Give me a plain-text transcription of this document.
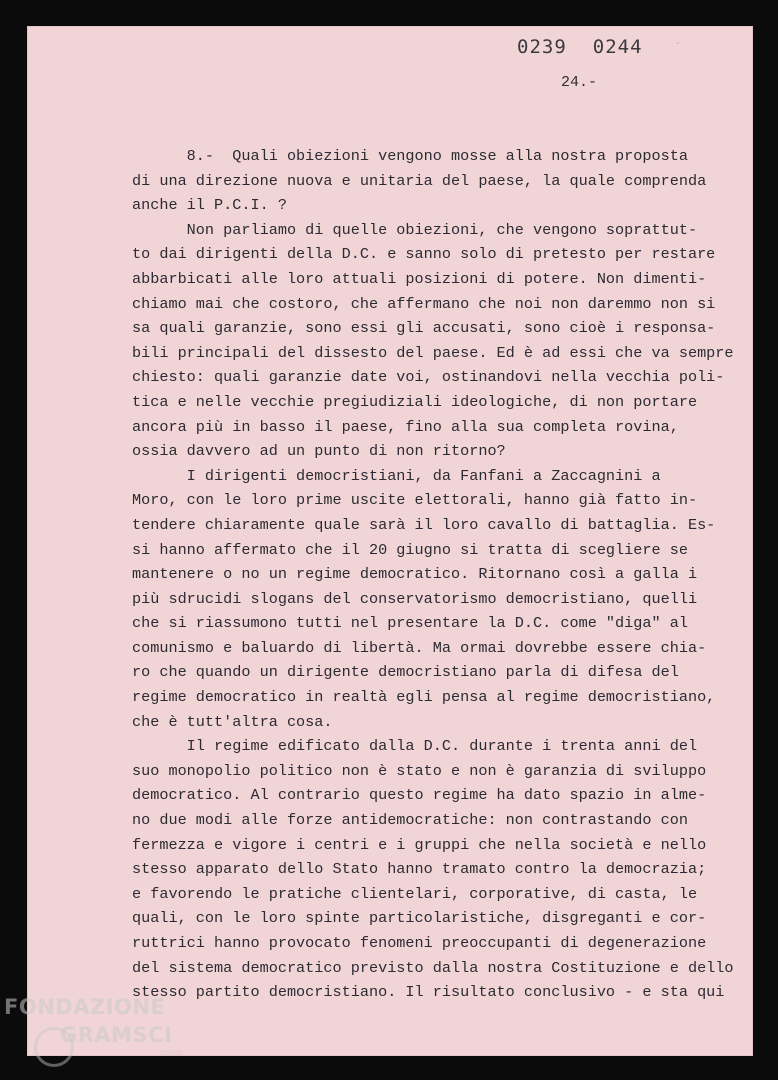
0239 0244	-
24.-
8.-  Quali obiezioni vengono mosse alla nostra proposta
di una direzione nuova e unitaria del paese, la quale comprenda
anche il P.C.I. ?
Non parliamo di quelle obiezioni, che vengono soprattut-
to dai dirigenti della D.C. e sanno solo di pretesto per restare
abbarbicati alle loro attuali posizioni di potere. Non dimenti-
chiamo mai che costoro, che affermano che noi non daremmo non si
sa quali garanzie, sono essi gli accusati, sono cioè i responsa-
bili principali del dissesto del paese. Ed è ad essi che va sempre
chiesto: quali garanzie date voi, ostinandovi nella vecchia poli-
tica e nelle vecchie pregiudiziali ideologiche, di non portare
ancora più in basso il paese, fino alla sua completa rovina,
ossia davvero ad un punto di non ritorno?
I dirigenti democristiani, da Fanfani a Zaccagnini a
Moro, con le loro prime uscite elettorali, hanno già fatto in-
tendere chiaramente quale sarà il loro cavallo di battaglia. Es-
si hanno affermato che il 20 giugno si tratta di scegliere se
mantenere o no un regime democratico. Ritornano così a galla i
più sdrucidi slogans del conservatorismo democristiano, quelli
che si riassumono tutti nel presentare la D.C. come "diga" al
comunismo e baluardo di libertà. Ma ormai dovrebbe essere chia-
ro che quando un dirigente democristiano parla di difesa del
regime democratico in realtà egli pensa al regime democristiano,
che è tutt'altra cosa.
Il regime edificato dalla D.C. durante i trenta anni del
suo monopolio politico non è stato e non è garanzia di sviluppo
democratico. Al contrario questo regime ha dato spazio in alme-
no due modi alle forze antidemocratiche: non contrastando con
fermezza e vigore i centri e i gruppi che nella società e nello
stesso apparato dello Stato hanno tramato contro la democrazia;
e favorendo le pratiche clientelari, corporative, di casta, le
quali, con le loro spinte particolaristiche, disgreganti e cor-
ruttrici hanno provocato fenomeni preoccupanti di degenerazione
del sistema democratico previsto dalla nostra Costituzione e dello
stesso partito democristiano. Il risultato conclusivo - e sta qui
FONDAZIONE
GRAMSCI
onlus
